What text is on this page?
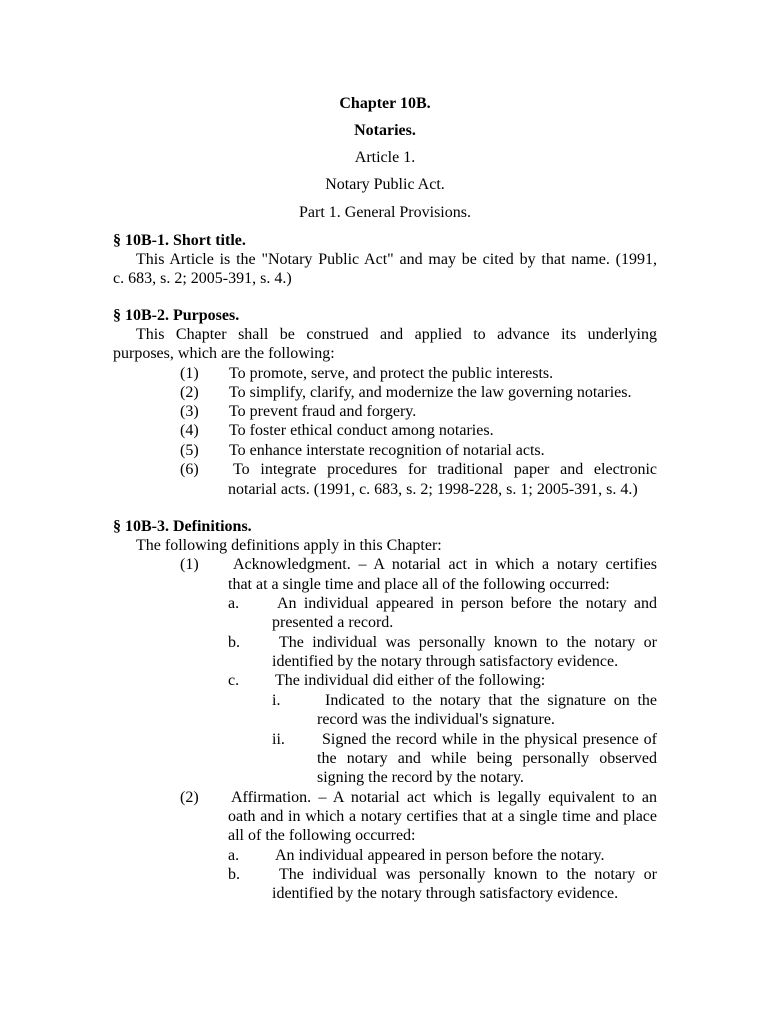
Chapter 10B.
Notaries.
Article 1.
Notary Public Act.
Part 1. General Provisions.
§ 10B-1. Short title.
This Article is the "Notary Public Act" and may be cited by that name. (1991,
c. 683, s. 2; 2005-391, s. 4.)
§ 10B-2. Purposes.
This Chapter shall be construed and applied to advance its underlying
purposes, which are the following:
(1) To promote, serve, and protect the public interests.
(2) To simplify, clarify, and modernize the law governing notaries.
(3) To prevent fraud and forgery.
(4) To foster ethical conduct among notaries.
(5) To enhance interstate recognition of notarial acts.
(6) To integrate procedures for traditional paper and electronic
notarial acts. (1991, c. 683, s. 2; 1998-228, s. 1; 2005-391, s. 4.)
§ 10B-3. Definitions.
The following definitions apply in this Chapter:
(1) Acknowledgment. – A notarial act in which a notary certifies
that at a single time and place all of the following occurred:
a. An individual appeared in person before the notary and
presented a record.
b. The individual was personally known to the notary or
identified by the notary through satisfactory evidence.
c. The individual did either of the following:
i.	Indicated to the notary that the signature on the
record was the individual's signature.
ii. Signed the record while in the physical presence of
the notary and while being personally observed
signing the record by the notary.
(2) Affirmation. – A notarial act which is legally equivalent to an
oath and in which a notary certifies that at a single time and place
all of the following occurred:
a. An individual appeared in person before the notary.
b. The individual was personally known to the notary or
identified by the notary through satisfactory evidence.
